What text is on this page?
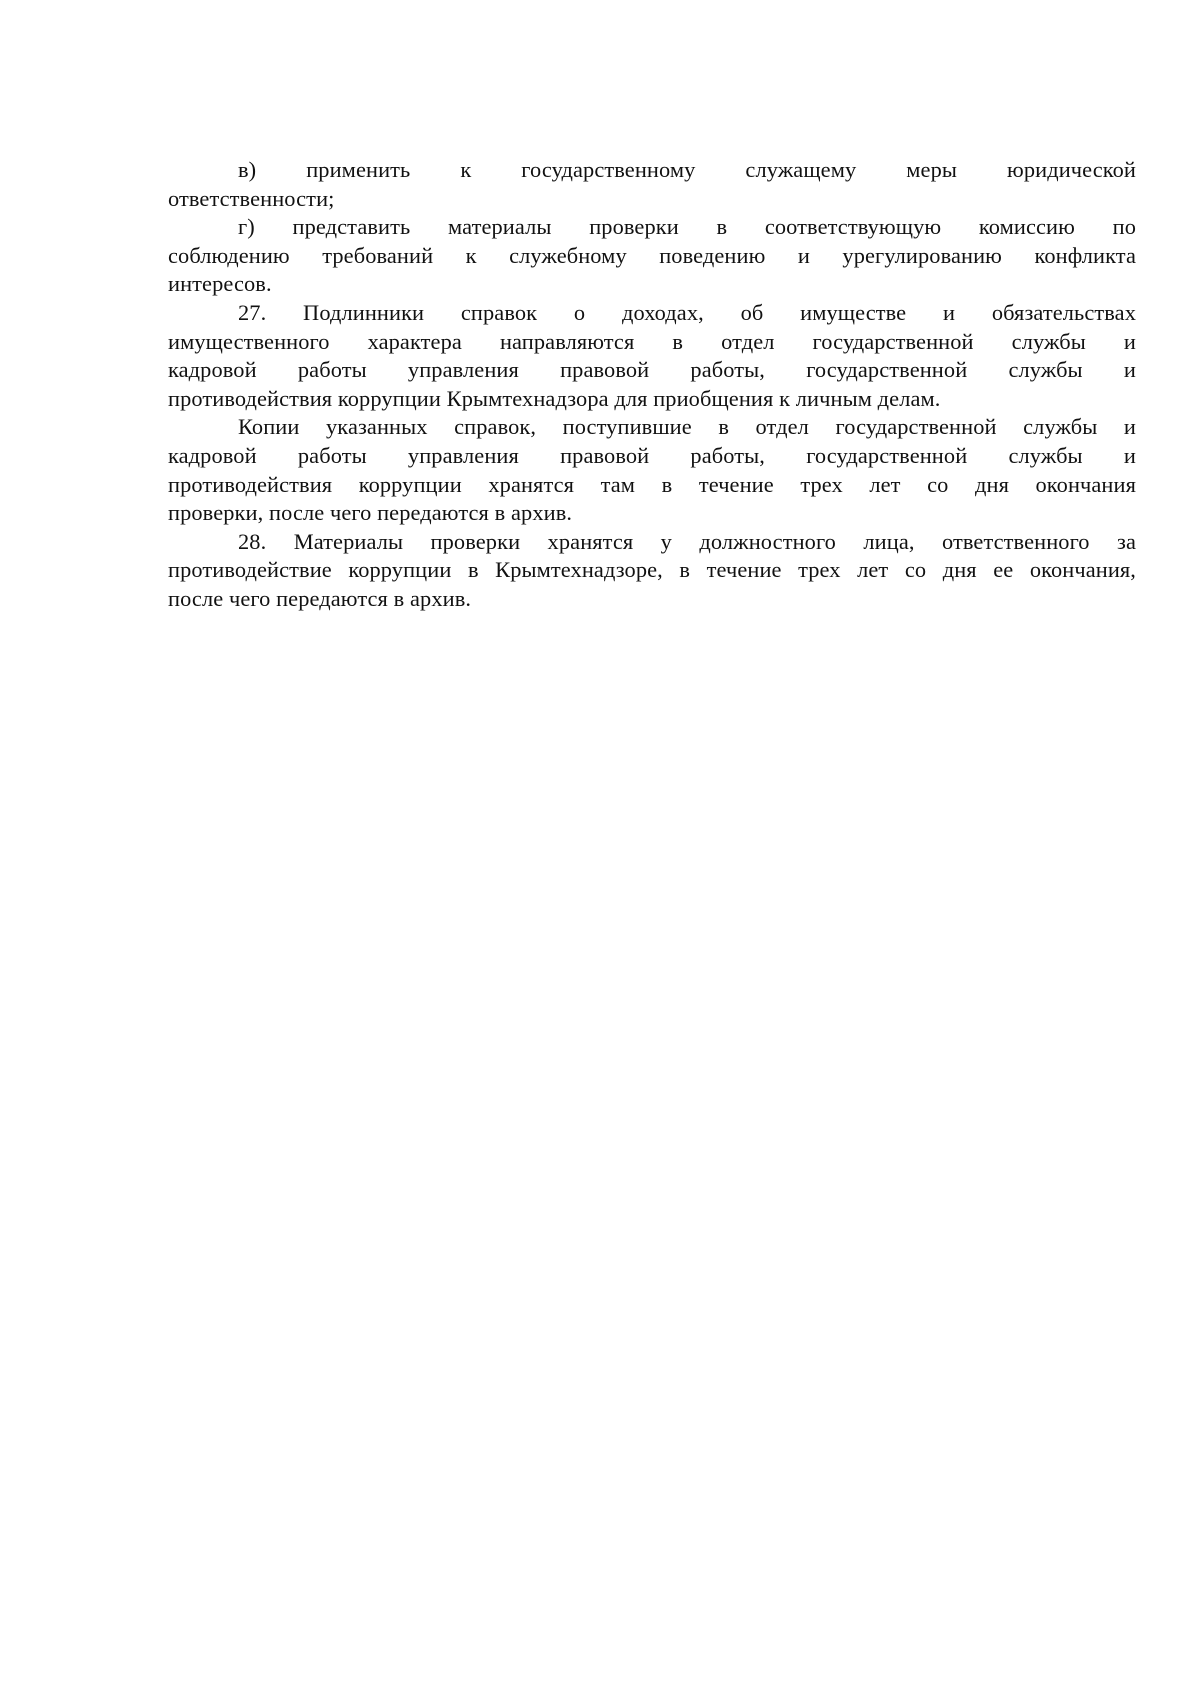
в) применить к государственному служащему меры юридической
ответственности;
г) представить материалы проверки в соответствующую комиссию по
соблюдению требований к служебному поведению и урегулированию конфликта
интересов.
27. Подлинники справок о доходах, об имуществе и обязательствах
имущественного характера направляются в отдел государственной службы и
кадровой работы управления правовой работы, государственной службы и
противодействия коррупции Крымтехнадзора для приобщения к личным делам.
Копии указанных справок, поступившие в отдел государственной службы и
кадровой работы управления правовой работы, государственной службы и
противодействия коррупции хранятся там в течение трех лет со дня окончания
проверки, после чего передаются в архив.
28. Материалы проверки хранятся у должностного лица, ответственного за
противодействие коррупции в Крымтехнадзоре, в течение трех лет со дня ее окончания,
после чего передаются в архив.
